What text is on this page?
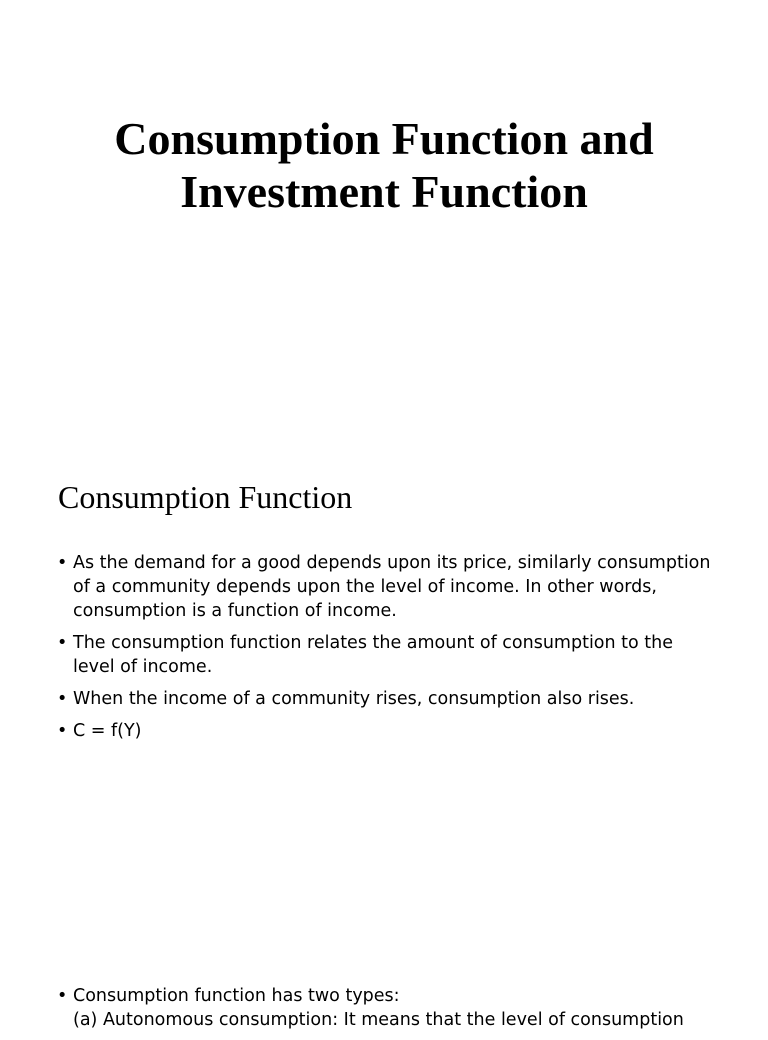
Consumption Function and
Investment Function
Consumption Function
• As the demand for a good depends upon its price, similarly consumption of a community depends upon the level of income. In other words, consumption is a function of income.
• The consumption function relates the amount of consumption to the level of income.
• When the income of a community rises, consumption also rises.
• C = f(Y)
• Consumption function has two types:
(a) Autonomous consumption: It means that the level of consumption
